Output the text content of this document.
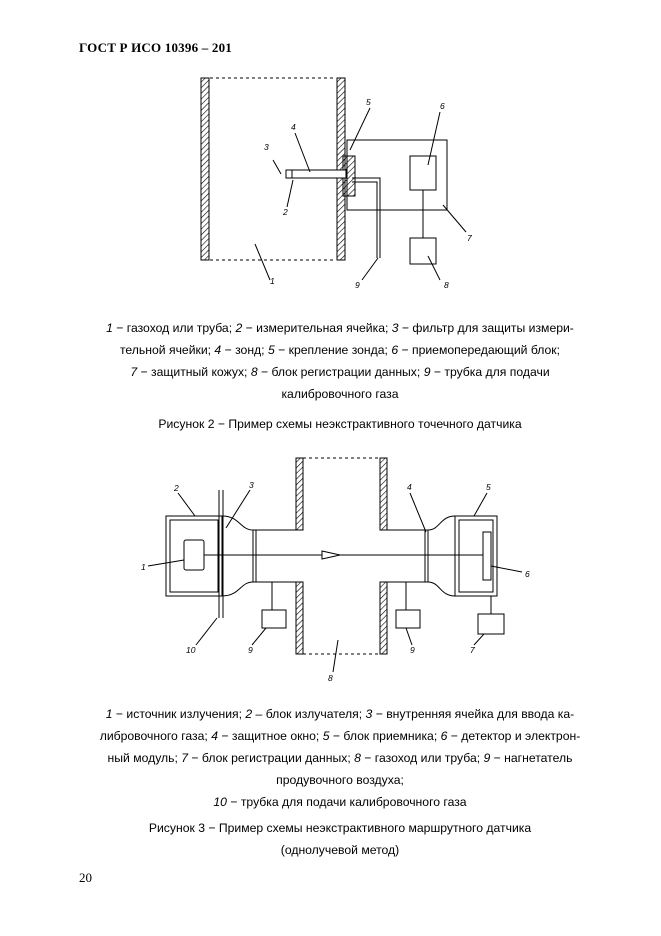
ГОСТ Р ИСО 10396 – 201
1
2
3
4
5	6
7
8
9
1
2	3	4	5
6
7
8
9	9
10
1 − газоход или труба; 2 − измерительная ячейка; 3 − фильтр для защиты измери-
тельной ячейки; 4 − зонд; 5 − крепление зонда; 6 − приемопередающий блок;
7 − защитный кожух; 8 − блок регистрации данных; 9 − трубка для подачи
калибровочного газа
Рисунок 2 − Пример схемы неэкстрактивного точечного датчика
1 − источник излучения; 2 – блок излучателя; 3 − внутренняя ячейка для ввода ка-
либровочного газа; 4 − защитное окно; 5 − блок приемника; 6 − детектор и электрон-
ный модуль; 7 − блок регистрации данных; 8 − газоход или труба; 9 − нагнетатель
продувочного воздуха;
10 − трубка для подачи калибровочного газа
Рисунок 3 − Пример схемы неэкстрактивного маршрутного датчика
(однолучевой метод)
20
